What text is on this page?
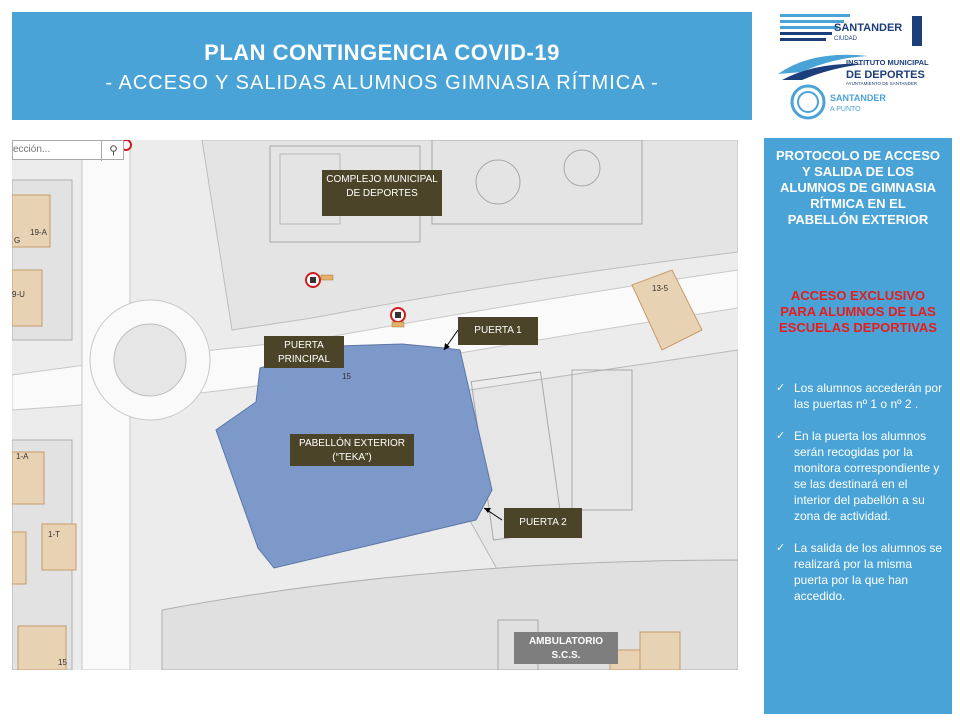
PLAN CONTINGENCIA COVID-19
- ACCESO Y SALIDAS ALUMNOS GIMNASIA RÍTMICA -
SANTANDER
CIUDAD
INSTITUTO MUNICIPAL
DE DEPORTES
AYUNTAMIENTO DE SANTANDER
SANTANDER
A PUNTO
ección...	⚲
19-A
9-U
G
13-5
15
1-A
1-T
15
COMPLEJO MUNICIPAL DE DEPORTES
PUERTA PRINCIPAL
PUERTA 1
PUERTA 2
PABELLÓN EXTERIOR
(“TEKA”)
AMBULATORIO
S.C.S.
PROTOCOLO DE ACCESO Y SALIDA DE LOS ALUMNOS DE GIMNASIA RÍTMICA EN EL PABELLÓN EXTERIOR
ACCESO EXCLUSIVO PARA ALUMNOS DE LAS ESCUELAS DEPORTIVAS
✓ Los alumnos accederán por las puertas nº 1 o nº 2 .
✓ En la puerta los alumnos serán recogidas por la monitora correspondiente y se las destinará en el interior del pabellón a su zona de actividad.
✓ La salida de los alumnos se realizará por la misma puerta por la que han accedido.
